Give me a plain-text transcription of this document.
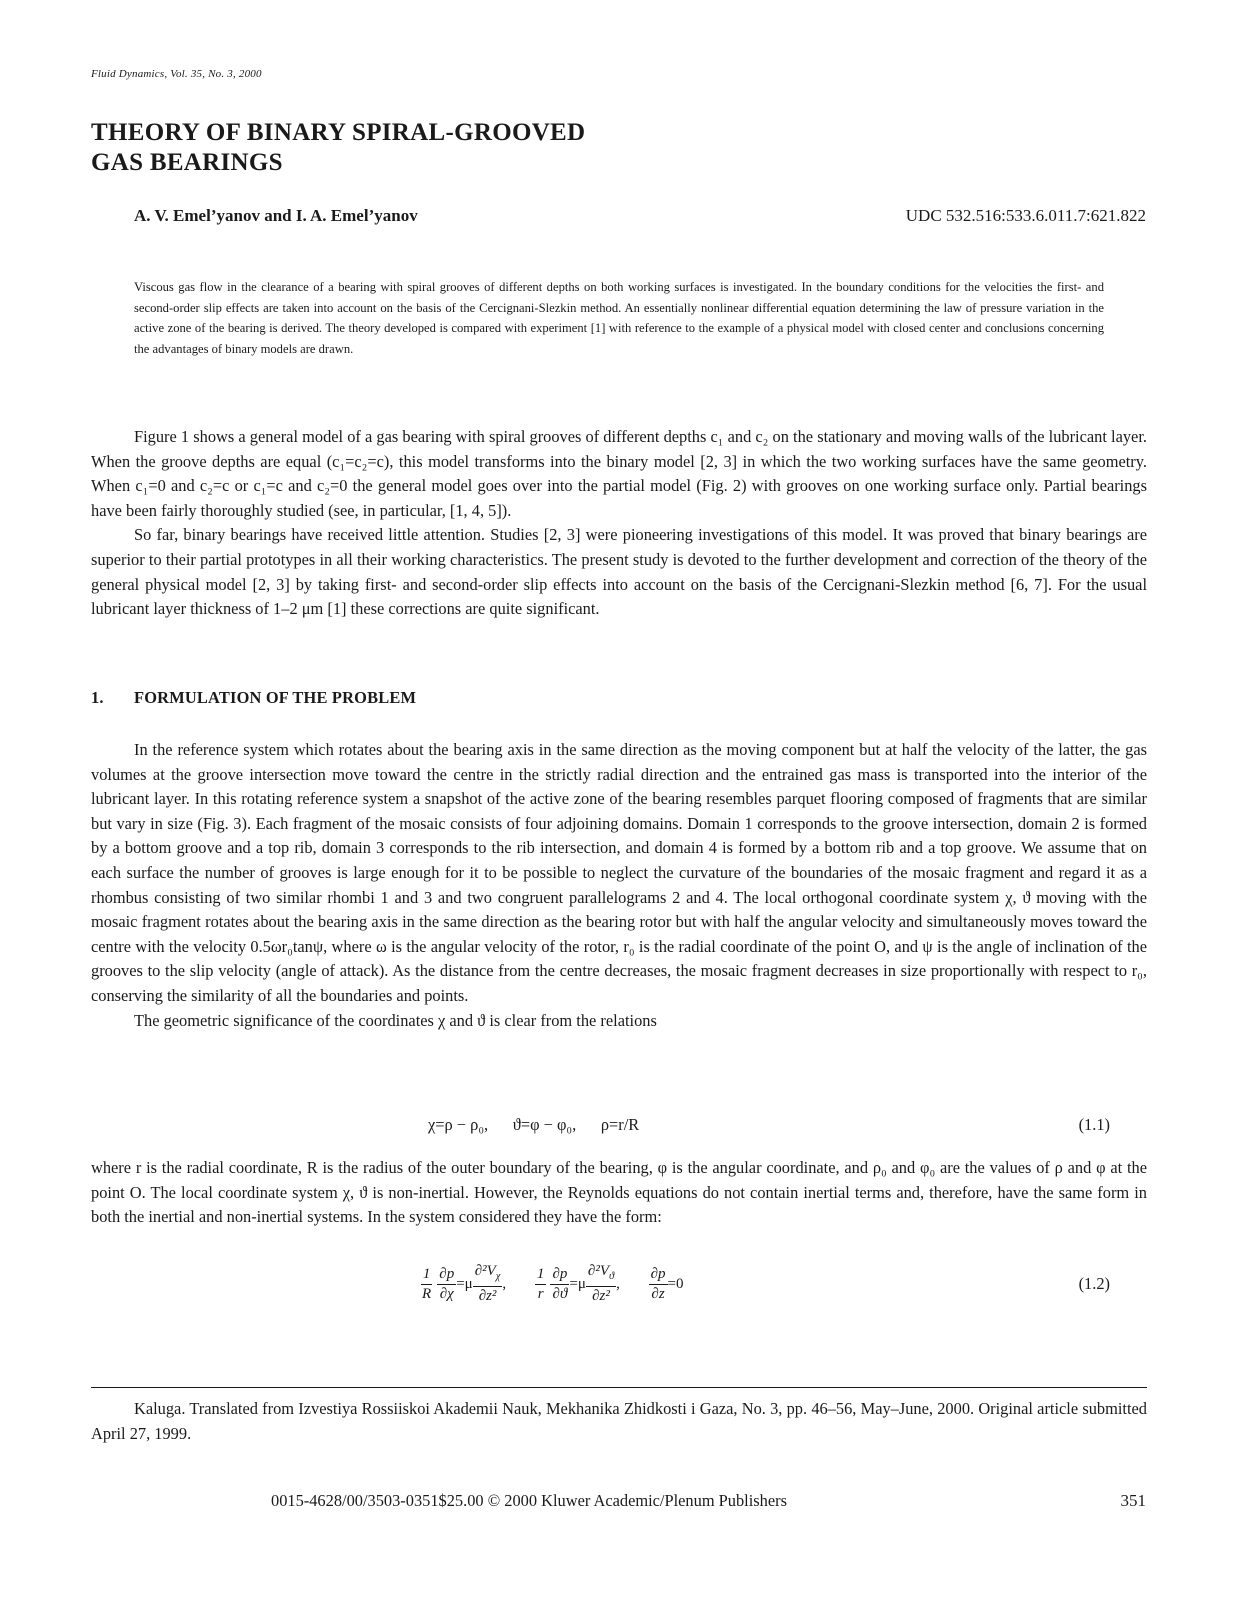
Fluid Dynamics, Vol. 35, No. 3, 2000
THEORY OF BINARY SPIRAL-GROOVED
GAS BEARINGS
A. V. Emel’yanov and I. A. Emel’yanov	UDC 532.516:533.6.011.7:621.822
Viscous gas flow in the clearance of a bearing with spiral grooves of different depths on both working surfaces is investigated. In the boundary conditions for the velocities the first- and second-order slip effects are taken into account on the basis of the Cercignani-Slezkin method. An essentially nonlinear differential equation determining the law of pressure variation in the active zone of the bearing is derived. The theory developed is compared with experiment [1] with reference to the example of a physical model with closed center and conclusions concerning the advantages of binary models are drawn.

Figure 1 shows a general model of a gas bearing with spiral grooves of different depths c₁ and c₂ on the stationary and moving walls of the lubricant layer. When the groove depths are equal (c₁=c₂=c), this model transforms into the binary model [2, 3] in which the two working surfaces have the same geometry. When c₁=0 and c₂=c or c₁=c and c₂=0 the general model goes over into the partial model (Fig. 2) with grooves on one working surface only. Partial bearings have been fairly thoroughly studied (see, in particular, [1, 4, 5]).

So far, binary bearings have received little attention. Studies [2, 3] were pioneering investigations of this model. It was proved that binary bearings are superior to their partial prototypes in all their working characteristics. The present study is devoted to the further development and correction of the theory of the general physical model [2, 3] by taking first- and second-order slip effects into account on the basis of the Cercignani-Slezkin method [6, 7]. For the usual lubricant layer thickness of 1–2 μm [1] these corrections are quite significant.

1. FORMULATION OF THE PROBLEM

In the reference system which rotates about the bearing axis in the same direction as the moving component but at half the velocity of the latter, the gas volumes at the groove intersection move toward the centre in the strictly radial direction and the entrained gas mass is transported into the interior of the lubricant layer. In this rotating reference system a snapshot of the active zone of the bearing resembles parquet flooring composed of fragments that are similar but vary in size (Fig. 3). Each fragment of the mosaic consists of four adjoining domains. Domain 1 corresponds to the groove intersection, domain 2 is formed by a bottom groove and a top rib, domain 3 corresponds to the rib intersection, and domain 4 is formed by a bottom rib and a top groove. We assume that on each surface the number of grooves is large enough for it to be possible to neglect the curvature of the boundaries of the mosaic fragment and regard it as a rhombus consisting of two similar rhombi 1 and 3 and two congruent parallelograms 2 and 4. The local orthogonal coordinate system χ, ϑ moving with the mosaic fragment rotates about the bearing axis in the same direction as the bearing rotor but with half the angular velocity and simultaneously moves toward the centre with the velocity 0.5ωr₀tanψ, where ω is the angular velocity of the rotor, r₀ is the radial coordinate of the point O, and ψ is the angle of inclination of the grooves to the slip velocity (angle of attack). As the distance from the centre decreases, the mosaic fragment decreases in size proportionally with respect to r₀, conserving the similarity of all the boundaries and points.

The geometric significance of the coordinates χ and ϑ is clear from the relations

χ=ρ − ρ₀,      ϑ=φ − φ₀,      ρ=r/R	(1.1)

where r is the radial coordinate, R is the radius of the outer boundary of the bearing, φ is the angular coordinate, and ρ₀ and φ₀ are the values of ρ and φ at the point O. The local coordinate system χ, ϑ is non-inertial. However, the Reynolds equations do not contain inertial terms and, therefore, have the same form in both the inertial and non-inertial systems. In the system considered they have the form:

$\frac{1}{R}$
$\frac{\partial p}{\partial\chi} =\mu \frac{\partial^2V_\chi}{\text{∂z²}}$ , $\frac{1}{r}$
$\frac{\partial p}{\partial ϑ} =\mu \frac{\partial^2V_ϑ}{\text{∂z²}}$ , $\frac{\partial p}{\partial z} =0$	(1.2)
Kaluga. Translated from Izvestiya Rossiiskoi Akademii Nauk, Mekhanika Zhidkosti i Gaza, No. 3, pp. 46–56, May–June, 2000. Original article submitted April 27, 1999.
0015-4628/00/3503-0351$25.00 © 2000 Kluwer Academic/Plenum Publishers	351
